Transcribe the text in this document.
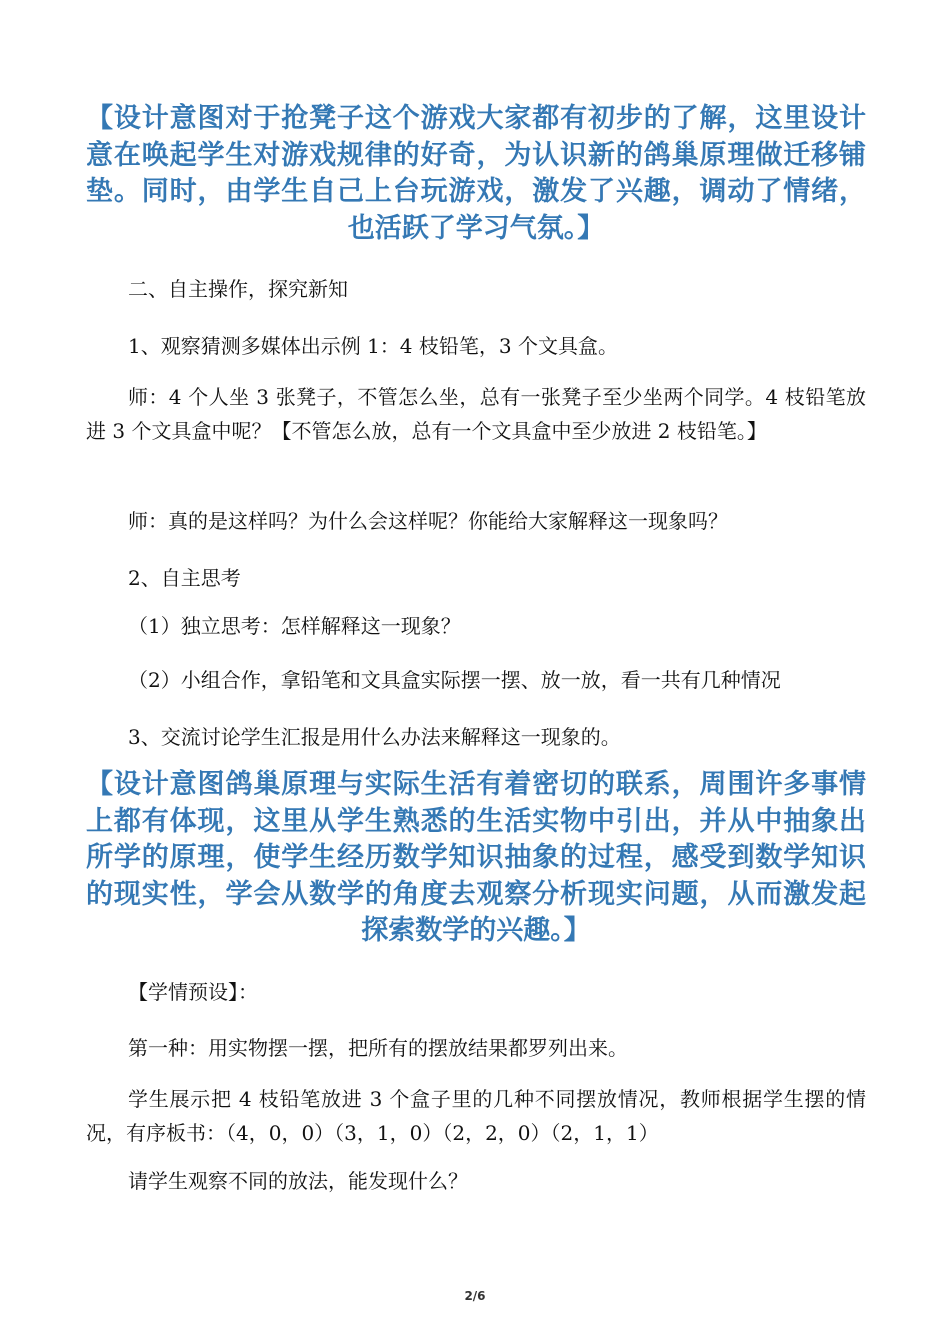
【设计意图对于抢凳子这个游戏大家都有初步的了解，这里设计意在唤起学生对游戏规律的好奇，为认识新的鸽巢原理做迁移铺垫。同时，由学生自己上台玩游戏，激发了兴趣，调动了情绪，也活跃了学习气氛。】
二、自主操作，探究新知
1、观察猜测多媒体出示例 1：4 枝铅笔，3 个文具盒。
师：4 个人坐 3 张凳子，不管怎么坐，总有一张凳子至少坐两个同学。4 枝铅笔放进 3 个文具盒中呢？【不管怎么放，总有一个文具盒中至少放进 2 枝铅笔。】
师：真的是这样吗？为什么会这样呢？你能给大家解释这一现象吗？
2、自主思考
（1）独立思考：怎样解释这一现象？
（2）小组合作，拿铅笔和文具盒实际摆一摆、放一放，看一共有几种情况
3、交流讨论学生汇报是用什么办法来解释这一现象的。
【设计意图鸽巢原理与实际生活有着密切的联系，周围许多事情上都有体现，这里从学生熟悉的生活实物中引出，并从中抽象出所学的原理，使学生经历数学知识抽象的过程，感受到数学知识的现实性，学会从数学的角度去观察分析现实问题，从而激发起探索数学的兴趣。】
【学情预设】：
第一种：用实物摆一摆，把所有的摆放结果都罗列出来。
学生展示把 4 枝铅笔放进 3 个盒子里的几种不同摆放情况，教师根据学生摆的情况，有序板书：（4，0，0）（3，1，0）（2，2，0）（2，1，1）
请学生观察不同的放法，能发现什么？
2/6
